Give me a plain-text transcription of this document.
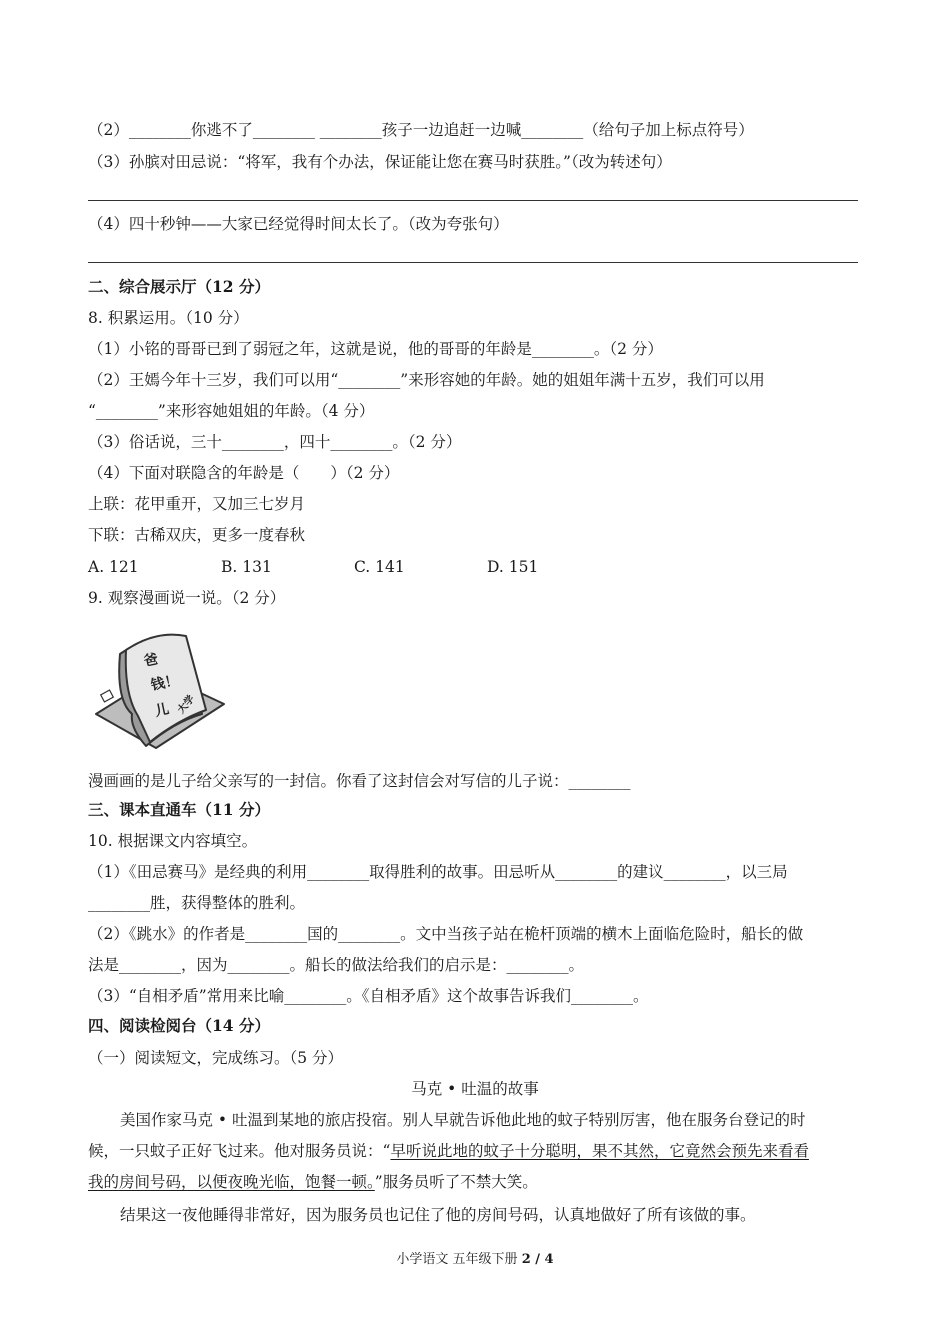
（2）________你逃不了________ ________孩子一边追赶一边喊________（给句子加上标点符号）
（3）孙膑对田忌说：“将军，我有个办法，保证能让您在赛马时获胜。”（改为转述句）
（4）四十秒钟——大家已经觉得时间太长了。（改为夸张句）
二、综合展示厅（12 分）
8. 积累运用。（10 分）
（1）小铭的哥哥已到了弱冠之年，这就是说，他的哥哥的年龄是________。（2 分）
（2）王嫣今年十三岁，我们可以用“________”来形容她的年龄。她的姐姐年满十五岁，我们可以用
“________”来形容她姐姐的年龄。（4 分）
（3）俗话说，三十________，四十________。（2 分）
（4）下面对联隐含的年龄是（　　）（2 分）
上联：花甲重开，又加三七岁月
下联：古稀双庆，更多一度春秋
A. 121	B. 131	C. 141	D. 151
9. 观察漫画说一说。（2 分）
爸
钱！
儿 大学
漫画画的是儿子给父亲写的一封信。你看了这封信会对写信的儿子说：________
三、课本直通车（11 分）
10. 根据课文内容填空。
（1）《田忌赛马》是经典的利用________取得胜利的故事。田忌听从________的建议________，以三局
________胜，获得整体的胜利。
（2）《跳水》的作者是________国的________。文中当孩子站在桅杆顶端的横木上面临危险时，船长的做
法是________，因为________。船长的做法给我们的启示是：________。
（3）“自相矛盾”常用来比喻________。《自相矛盾》这个故事告诉我们________。
四、阅读检阅台（14 分）
（一）阅读短文，完成练习。（5 分）
马克 • 吐温的故事
美国作家马克 • 吐温到某地的旅店投宿。别人早就告诉他此地的蚊子特别厉害，他在服务台登记的时
候，一只蚊子正好飞过来。他对服务员说：“早听说此地的蚊子十分聪明，果不其然，它竟然会预先来看看
我的房间号码，以便夜晚光临，饱餐一顿。”服务员听了不禁大笑。
结果这一夜他睡得非常好，因为服务员也记住了他的房间号码，认真地做好了所有该做的事。
小学语文 五年级下册 2 / 4
